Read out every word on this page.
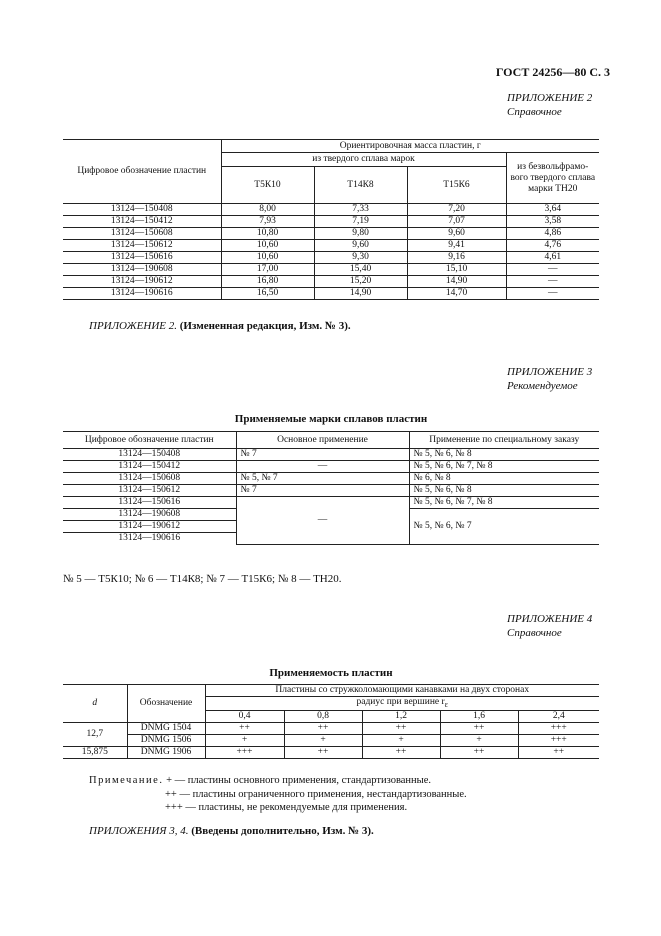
ГОСТ 24256—80 С. 3
ПРИЛОЖЕНИЕ 2
Справочное
Цифровое обозначение пластин	Ориентировочная масса пластин, г			
	из твердого сплава марок			из безвольфрамо-вого твердого сплава марки ТН20
	Т5К10	Т14К8	Т15К6	
13124—150408	8,00	7,33	7,20	3,64
13124—150412	7,93	7,19	7,07	3,58
13124—150608	10,80	9,80	9,60	4,86
13124—150612	10,60	9,60	9,41	4,76
13124—150616	10,60	9,30	9,16	4,61
13124—190608	17,00	15,40	15,10	—
13124—190612	16,80	15,20	14,90	—
13124—190616	16,50	14,90	14,70	—
ПРИЛОЖЕНИЕ 2. (Измененная редакция, Изм. № 3).
ПРИЛОЖЕНИЕ 3
Рекомендуемое
Применяемые марки сплавов пластин
Цифровое обозначение пластин	Основное применение	Применение по специальному заказу
13124—150408	№ 7	№ 5, № 6, № 8
13124—150412	—	№ 5, № 6, № 7, № 8
13124—150608	№ 5, № 7	№ 6, № 8
13124—150612	№ 7	№ 5, № 6, № 8
13124—150616	—	№ 5, № 6, № 7, № 8
13124—190608		№ 5, № 6, № 7
13124—190612		
13124—190616		
№ 5 — Т5К10; № 6 — Т14К8; № 7 — Т15К6; № 8 — ТН20.
ПРИЛОЖЕНИЕ 4
Справочное
Применяемость пластин
d	Обозначение	Пластины со стружколомающими канавками на двух сторонах				
		радиус при вершине $r_\varepsilon$
		0,4	0,8	1,2	1,6	2,4
12,7	DNMG 1504	++	++	++	++	+++
	DNMG 1506	+	+	+	+	+++
15,875	DNMG 1906	+++	++	++	++	++
Примечание. + — пластины основного применения, стандартизованные.
++ — пластины ограниченного применения, нестандартизованные.
+++ — пластины, не рекомендуемые для применения.
ПРИЛОЖЕНИЯ 3, 4. (Введены дополнительно, Изм. № 3).
